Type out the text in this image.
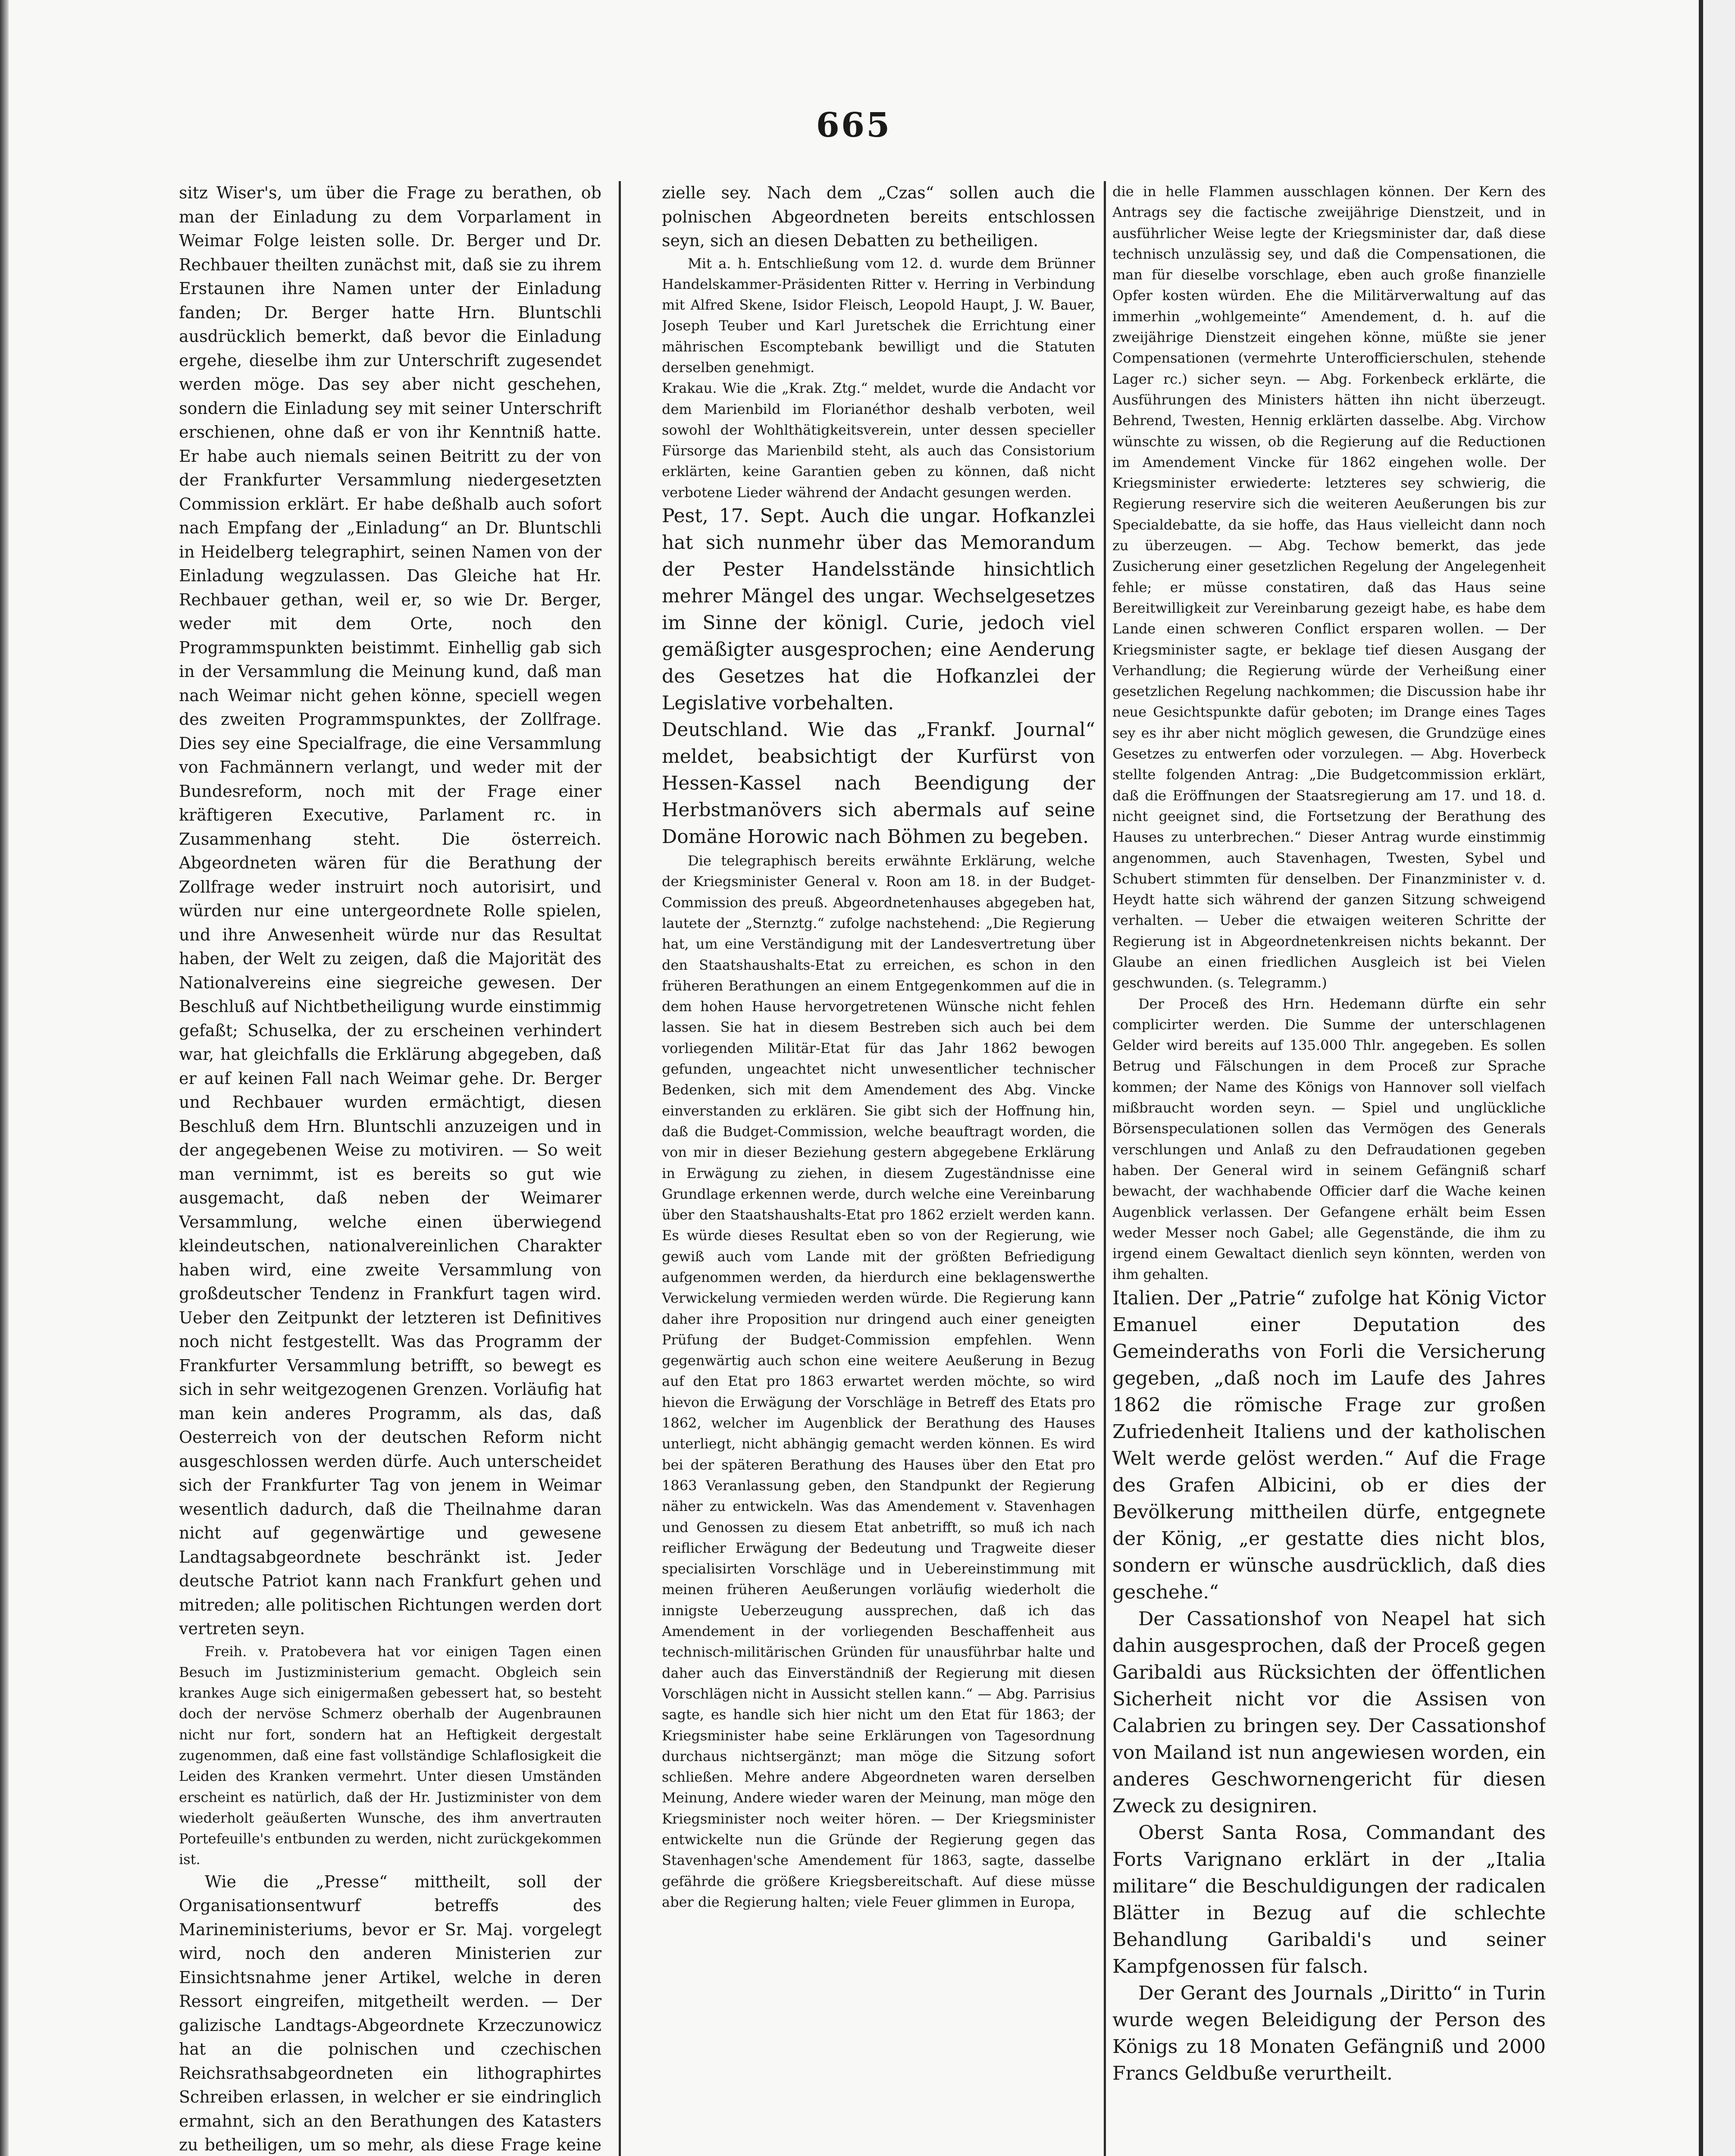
665

sitz Wiser's, um über die Frage zu berathen, ob man der Einladung zu dem Vorparlament in Weimar Folge leisten solle. Dr. Berger und Dr. Rechbauer theilten zunächst mit, daß sie zu ihrem Erstaunen ihre Namen unter der Einladung fanden; Dr. Berger hatte Hrn. Bluntschli ausdrücklich bemerkt, daß bevor die Einladung ergehe, dieselbe ihm zur Unterschrift zugesendet werden möge. Das sey aber nicht geschehen, sondern die Einladung sey mit seiner Unterschrift erschienen, ohne daß er von ihr Kenntniß hatte. Er habe auch niemals seinen Beitritt zu der von der Frankfurter Versammlung niedergesetzten Commission erklärt. Er habe deßhalb auch sofort nach Empfang der „Einladung“ an Dr. Bluntschli in Heidelberg telegraphirt, seinen Namen von der Einladung wegzulassen. Das Gleiche hat Hr. Rechbauer gethan, weil er, so wie Dr. Berger, weder mit dem Orte, noch den Programmspunkten beistimmt. Einhellig gab sich in der Versammlung die Meinung kund, daß man nach Weimar nicht gehen könne, speciell wegen des zweiten Programmspunktes, der Zollfrage. Dies sey eine Specialfrage, die eine Versammlung von Fachmännern verlangt, und weder mit der Bundesreform, noch mit der Frage einer kräftigeren Executive, Parlament rc. in Zusammenhang steht. Die österreich. Abgeordneten wären für die Berathung der Zollfrage weder instruirt noch autorisirt, und würden nur eine untergeordnete Rolle spielen, und ihre Anwesenheit würde nur das Resultat haben, der Welt zu zeigen, daß die Majorität des Nationalvereins eine siegreiche gewesen. Der Beschluß auf Nichtbetheiligung wurde einstimmig gefaßt; Schuselka, der zu erscheinen verhindert war, hat gleichfalls die Erklärung abgegeben, daß er auf keinen Fall nach Weimar gehe. Dr. Berger und Rechbauer wurden ermächtigt, diesen Beschluß dem Hrn. Bluntschli anzuzeigen und in der angegebenen Weise zu motiviren. — So weit man vernimmt, ist es bereits so gut wie ausgemacht, daß neben der Weimarer Versammlung, welche einen überwiegend kleindeutschen, nationalvereinlichen Charakter haben wird, eine zweite Versammlung von großdeutscher Tendenz in Frankfurt tagen wird. Ueber den Zeitpunkt der letzteren ist Definitives noch nicht festgestellt. Was das Programm der Frankfurter Versammlung betrifft, so bewegt es sich in sehr weitgezogenen Grenzen. Vorläufig hat man kein anderes Programm, als das, daß Oesterreich von der deutschen Reform nicht ausgeschlossen werden dürfe. Auch unterscheidet sich der Frankfurter Tag von jenem in Weimar wesentlich dadurch, daß die Theilnahme daran nicht auf gegenwärtige und gewesene Landtagsabgeordnete beschränkt ist. Jeder deutsche Patriot kann nach Frankfurt gehen und mitreden; alle politischen Richtungen werden dort vertreten seyn.

Freih. v. Pratobevera hat vor einigen Tagen einen Besuch im Justizministerium gemacht. Obgleich sein krankes Auge sich einigermaßen gebessert hat, so besteht doch der nervöse Schmerz oberhalb der Augenbraunen nicht nur fort, sondern hat an Heftigkeit dergestalt zugenommen, daß eine fast vollständige Schlaflosigkeit die Leiden des Kranken vermehrt. Unter diesen Umständen erscheint es natürlich, daß der Hr. Justizminister von dem wiederholt geäußerten Wunsche, des ihm anvertrauten Portefeuille's entbunden zu werden, nicht zurückgekommen ist.

Wie die „Presse“ mittheilt, soll der Organisationsentwurf betreffs des Marineministeriums, bevor er Sr. Maj. vorgelegt wird, noch den anderen Ministerien zur Einsichtsnahme jener Artikel, welche in deren Ressort eingreifen, mitgetheilt werden. — Der galizische Landtags-Abgeordnete Krzeczunowicz hat an die polnischen und czechischen Reichsrathsabgeordneten ein lithographirtes Schreiben erlassen, in welcher er sie eindringlich ermahnt, sich an den Berathungen des Katasters zu betheiligen, um so mehr, als diese Frage keine

zielle sey. Nach dem „Czas“ sollen auch die polnischen Abgeordneten bereits entschlossen seyn, sich an diesen Debatten zu betheiligen.

Mit a. h. Entschließung vom 12. d. wurde dem Brünner Handelskammer-Präsidenten Ritter v. Herring in Verbindung mit Alfred Skene, Isidor Fleisch, Leopold Haupt, J. W. Bauer, Joseph Teuber und Karl Juretschek die Errichtung einer mährischen Escomptebank bewilligt und die Statuten derselben genehmigt.

Krakau. Wie die „Krak. Ztg.“ meldet, wurde die Andacht vor dem Marienbild im Florianéthor deshalb verboten, weil sowohl der Wohlthätigkeitsverein, unter dessen specieller Fürsorge das Marienbild steht, als auch das Consistorium erklärten, keine Garantien geben zu können, daß nicht verbotene Lieder während der Andacht gesungen werden.

Pest, 17. Sept. Auch die ungar. Hofkanzlei hat sich nunmehr über das Memorandum der Pester Handelsstände hinsichtlich mehrer Mängel des ungar. Wechselgesetzes im Sinne der königl. Curie, jedoch viel gemäßigter ausgesprochen; eine Aenderung des Gesetzes hat die Hofkanzlei der Legislative vorbehalten.

Deutschland. Wie das „Frankf. Journal“ meldet, beabsichtigt der Kurfürst von Hessen-Kassel nach Beendigung der Herbstmanövers sich abermals auf seine Domäne Horowic nach Böhmen zu begeben.

Die telegraphisch bereits erwähnte Erklärung, welche der Kriegsminister General v. Roon am 18. in der Budget-Commission des preuß. Abgeordnetenhauses abgegeben hat, lautete der „Sternztg.“ zufolge nachstehend: „Die Regierung hat, um eine Verständigung mit der Landesvertretung über den Staatshaushalts-Etat zu erreichen, es schon in den früheren Berathungen an einem Entgegenkommen auf die in dem hohen Hause hervorgetretenen Wünsche nicht fehlen lassen. Sie hat in diesem Bestreben sich auch bei dem vorliegenden Militär-Etat für das Jahr 1862 bewogen gefunden, ungeachtet nicht unwesentlicher technischer Bedenken, sich mit dem Amendement des Abg. Vincke einverstanden zu erklären. Sie gibt sich der Hoffnung hin, daß die Budget-Commission, welche beauftragt worden, die von mir in dieser Beziehung gestern abgegebene Erklärung in Erwägung zu ziehen, in diesem Zugeständnisse eine Grundlage erkennen werde, durch welche eine Vereinbarung über den Staatshaushalts-Etat pro 1862 erzielt werden kann. Es würde dieses Resultat eben so von der Regierung, wie gewiß auch vom Lande mit der größten Befriedigung aufgenommen werden, da hierdurch eine beklagenswerthe Verwickelung vermieden werden würde. Die Regierung kann daher ihre Proposition nur dringend auch einer geneigten Prüfung der Budget-Commission empfehlen. Wenn gegenwärtig auch schon eine weitere Aeußerung in Bezug auf den Etat pro 1863 erwartet werden möchte, so wird hievon die Erwägung der Vorschläge in Betreff des Etats pro 1862, welcher im Augenblick der Berathung des Hauses unterliegt, nicht abhängig gemacht werden können. Es wird bei der späteren Berathung des Hauses über den Etat pro 1863 Veranlassung geben, den Standpunkt der Regierung näher zu entwickeln. Was das Amendement v. Stavenhagen und Genossen zu diesem Etat anbetrifft, so muß ich nach reiflicher Erwägung der Bedeutung und Tragweite dieser specialisirten Vorschläge und in Uebereinstimmung mit meinen früheren Aeußerungen vorläufig wiederholt die innigste Ueberzeugung aussprechen, daß ich das Amendement in der vorliegenden Beschaffenheit aus technisch-militärischen Gründen für unausführbar halte und daher auch das Einverständniß der Regierung mit diesen Vorschlägen nicht in Aussicht stellen kann.“ — Abg. Parrisius sagte, es handle sich hier nicht um den Etat für 1863; der Kriegsminister habe seine Erklärungen von Tagesordnung durchaus nichtsergänzt; man möge die Sitzung sofort schließen. Mehre andere Abgeordneten waren derselben Meinung, Andere wieder waren der Meinung, man möge den Kriegsminister noch weiter hören. — Der Kriegsminister entwickelte nun die Gründe der Regierung gegen das Stavenhagen'sche Amendement für 1863, sagte, dasselbe gefährde die größere Kriegsbereitschaft. Auf diese müsse aber die Regierung halten; viele Feuer glimmen in Europa,

die in helle Flammen ausschlagen können. Der Kern des Antrags sey die factische zweijährige Dienstzeit, und in ausführlicher Weise legte der Kriegsminister dar, daß diese technisch unzulässig sey, und daß die Compensationen, die man für dieselbe vorschlage, eben auch große finanzielle Opfer kosten würden. Ehe die Militärverwaltung auf das immerhin „wohlgemeinte“ Amendement, d. h. auf die zweijährige Dienstzeit eingehen könne, müßte sie jener Compensationen (vermehrte Unterofficierschulen, stehende Lager rc.) sicher seyn. — Abg. Forkenbeck erklärte, die Ausführungen des Ministers hätten ihn nicht überzeugt. Behrend, Twesten, Hennig erklärten dasselbe. Abg. Virchow wünschte zu wissen, ob die Regierung auf die Reductionen im Amendement Vincke für 1862 eingehen wolle. Der Kriegsminister erwiederte: letzteres sey schwierig, die Regierung reservire sich die weiteren Aeußerungen bis zur Specialdebatte, da sie hoffe, das Haus vielleicht dann noch zu überzeugen. — Abg. Techow bemerkt, das jede Zusicherung einer gesetzlichen Regelung der Angelegenheit fehle; er müsse constatiren, daß das Haus seine Bereitwilligkeit zur Vereinbarung gezeigt habe, es habe dem Lande einen schweren Conflict ersparen wollen. — Der Kriegsminister sagte, er beklage tief diesen Ausgang der Verhandlung; die Regierung würde der Verheißung einer gesetzlichen Regelung nachkommen; die Discussion habe ihr neue Gesichtspunkte dafür geboten; im Drange eines Tages sey es ihr aber nicht möglich gewesen, die Grundzüge eines Gesetzes zu entwerfen oder vorzulegen. — Abg. Hoverbeck stellte folgenden Antrag: „Die Budgetcommission erklärt, daß die Eröffnungen der Staatsregierung am 17. und 18. d. nicht geeignet sind, die Fortsetzung der Berathung des Hauses zu unterbrechen.“ Dieser Antrag wurde einstimmig angenommen, auch Stavenhagen, Twesten, Sybel und Schubert stimmten für denselben. Der Finanzminister v. d. Heydt hatte sich während der ganzen Sitzung schweigend verhalten. — Ueber die etwaigen weiteren Schritte der Regierung ist in Abgeordnetenkreisen nichts bekannt. Der Glaube an einen friedlichen Ausgleich ist bei Vielen geschwunden. (s. Telegramm.)

Der Proceß des Hrn. Hedemann dürfte ein sehr complicirter werden. Die Summe der unterschlagenen Gelder wird bereits auf 135.000 Thlr. angegeben. Es sollen Betrug und Fälschungen in dem Proceß zur Sprache kommen; der Name des Königs von Hannover soll vielfach mißbraucht worden seyn. — Spiel und unglückliche Börsenspeculationen sollen das Vermögen des Generals verschlungen und Anlaß zu den Defraudationen gegeben haben. Der General wird in seinem Gefängniß scharf bewacht, der wachhabende Officier darf die Wache keinen Augenblick verlassen. Der Gefangene erhält beim Essen weder Messer noch Gabel; alle Gegenstände, die ihm zu irgend einem Gewaltact dienlich seyn könnten, werden von ihm gehalten.

Italien. Der „Patrie“ zufolge hat König Victor Emanuel einer Deputation des Gemeinderaths von Forli die Versicherung gegeben, „daß noch im Laufe des Jahres 1862 die römische Frage zur großen Zufriedenheit Italiens und der katholischen Welt werde gelöst werden.“ Auf die Frage des Grafen Albicini, ob er dies der Bevölkerung mittheilen dürfe, entgegnete der König, „er gestatte dies nicht blos, sondern er wünsche ausdrücklich, daß dies geschehe.“

Der Cassationshof von Neapel hat sich dahin ausgesprochen, daß der Proceß gegen Garibaldi aus Rücksichten der öffentlichen Sicherheit nicht vor die Assisen von Calabrien zu bringen sey. Der Cassationshof von Mailand ist nun angewiesen worden, ein anderes Geschwornengericht für diesen Zweck zu designiren.

Oberst Santa Rosa, Commandant des Forts Varignano erklärt in der „Italia militare“ die Beschuldigungen der radicalen Blätter in Bezug auf die schlechte Behandlung Garibaldi's und seiner Kampfgenossen für falsch.

Der Gerant des Journals „Diritto“ in Turin wurde wegen Beleidigung der Person des Königs zu 18 Monaten Gefängniß und 2000 Francs Geldbuße verurtheilt.
